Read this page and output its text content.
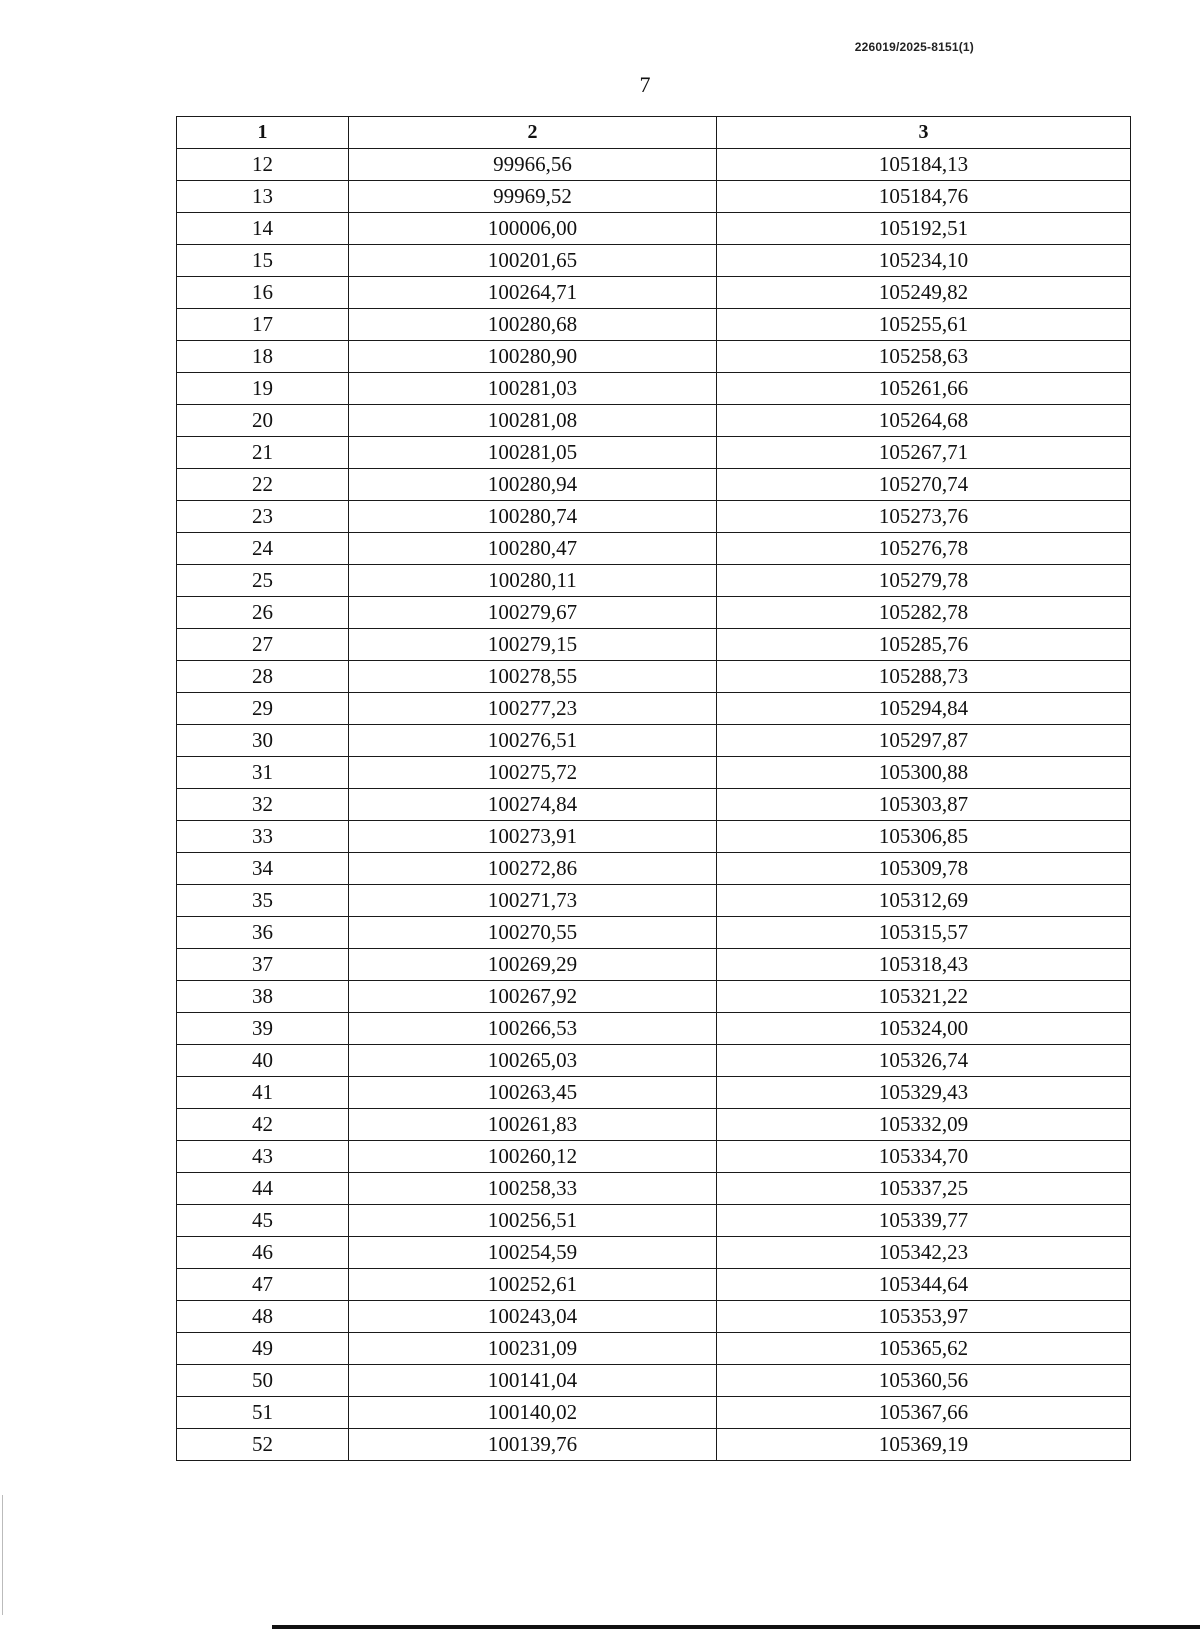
226019/2025-8151(1)
7
1	2	3
12	99966,56	105184,13
13	99969,52	105184,76
14	100006,00	105192,51
15	100201,65	105234,10
16	100264,71	105249,82
17	100280,68	105255,61
18	100280,90	105258,63
19	100281,03	105261,66
20	100281,08	105264,68
21	100281,05	105267,71
22	100280,94	105270,74
23	100280,74	105273,76
24	100280,47	105276,78
25	100280,11	105279,78
26	100279,67	105282,78
27	100279,15	105285,76
28	100278,55	105288,73
29	100277,23	105294,84
30	100276,51	105297,87
31	100275,72	105300,88
32	100274,84	105303,87
33	100273,91	105306,85
34	100272,86	105309,78
35	100271,73	105312,69
36	100270,55	105315,57
37	100269,29	105318,43
38	100267,92	105321,22
39	100266,53	105324,00
40	100265,03	105326,74
41	100263,45	105329,43
42	100261,83	105332,09
43	100260,12	105334,70
44	100258,33	105337,25
45	100256,51	105339,77
46	100254,59	105342,23
47	100252,61	105344,64
48	100243,04	105353,97
49	100231,09	105365,62
50	100141,04	105360,56
51	100140,02	105367,66
52	100139,76	105369,19
